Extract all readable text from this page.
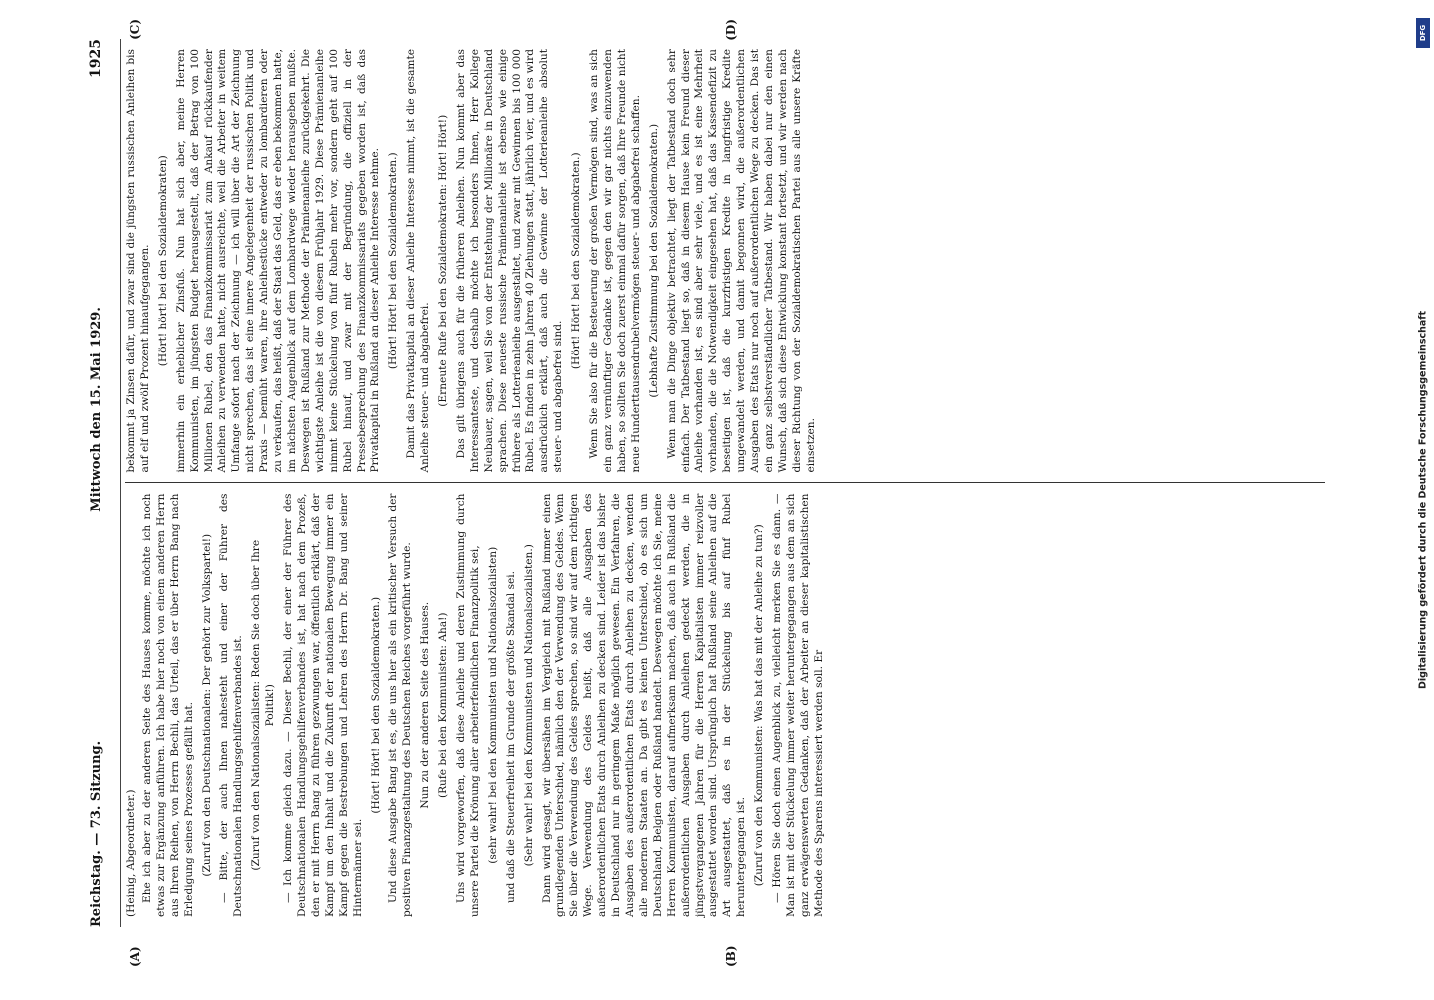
Reichstag. — 73. Sitzung.
Mittwoch den 15. Mai 1929.
1925
(A)	(B)
(C)	(D)

(Heinig, Abgeordneter.) Ehe ich aber zu der anderen Seite des Hauses komme, möchte ich noch etwas zur Ergänzung anführen. Ich habe hier noch von einem anderen Herrn aus Ihren Reihen, von Herrn Bechli, das Urteil, das er über Herrn Bang nach Erledigung seines Prozesses gefällt hat. (Zuruf von den Deutschnationalen: Der gehört zur Volkspartei!) — Bitte, der auch Ihnen nahesteht und einer der Führer des Deutschnationalen Handlungsgehilfenverbandes ist. (Zuruf von den Nationalsozialisten: Reden Sie doch über Ihre Politik!) — Ich komme gleich dazu. — Dieser Bechli, der einer der Führer des Deutschnationalen Handlungsgehilfenverbandes ist, hat nach dem Prozeß, den er mit Herrn Bang zu führen gezwungen war, öffentlich erklärt, daß der Kampf um den Inhalt und die Zukunft der nationalen Bewegung immer ein Kampf gegen die Bestrebungen und Lehren des Herrn Dr. Bang und seiner Hintermänner sei.

(Hört! Hört! bei den Sozialdemokraten.) Und diese Ausgabe Bang ist es, die uns hier als ein kritischer Versuch der positiven Finanzgestaltung des Deutschen Reiches vorgeführt wurde. Nun zu der anderen Seite des Hauses. (Rufe bei den Kommunisten: Aha!) Uns wird vorgeworfen, daß diese Anleihe und deren Zustimmung durch unsere Partei die Krönung aller arbeiterfeindlichen Finanzpolitik sei, (sehr wahr! bei den Kommunisten und Nationalsozialisten) und daß die Steuerfreiheit im Grunde der größte Skandal sei. (Sehr wahr! bei den Kommunisten und Nationalsozialisten.) Dann wird gesagt, wir übersähen im Vergleich mit Rußland immer einen grundlegenden Unterschied, nämlich den der Verwendung des Geldes. Wenn Sie über die Verwendung des Geldes sprechen, so sind wir auf dem richtigen Wege. Verwendung des Geldes heißt, daß alle Ausgaben des außerordentlichen Etats durch Anleihen zu decken sind. Leider ist das bisher in Deutschland nur in geringem Maße möglich gewesen. Ein Verfahren, die Ausgaben des außerordentlichen Etats durch Anleihen zu decken, wenden alle modernen Staaten an. Da gibt es keinen Unterschied, ob es sich um Deutschland, Belgien oder Rußland handelt. Deswegen möchte ich Sie, meine Herren Kommunisten, darauf aufmerksam machen, daß auch in Rußland die außerordentlichen Ausgaben durch Anleihen gedeckt werden, die in jüngstvergangenen Jahren für die Herren Kapitalisten immer reizvoller ausgestattet worden sind. Ursprünglich hat Rußland seine Anleihen auf die Art ausgestattet, daß es in der Stückelung bis auf fünf Rubel heruntergegangen ist. (Zuruf von den Kommunisten: Was hat das mit der Anleihe zu tun?) — Hören Sie doch einen Augenblick zu, vielleicht merken Sie es dann. — Man ist mit der Stückelung immer weiter heruntergegangen aus dem an sich ganz erwägenswerten Gedanken, daß der Arbeiter an dieser kapitalistischen Methode des Sparens interessiert werden soll. Er

bekommt ja Zinsen dafür, und zwar sind die jüngsten russischen Anleihen bis auf elf und zwölf Prozent hinaufgegangen. (Hört! hört! bei den Sozialdemokraten) immerhin ein erheblicher Zinsfuß. Nun hat sich aber, meine Herren Kommunisten, im jüngsten Budget herausgestellt, daß der Betrag von 100 Millionen Rubel, den das Finanzkommissariat zum Ankauf rückkaufender Anleihen zu verwenden hatte, nicht ausreichte, weil die Arbeiter in weitem Umfange sofort nach der Zeichnung — ich will über die Art der Zeichnung nicht sprechen, das ist eine innere Angelegenheit der russischen Politik und Praxis — bemüht waren, ihre Anleihestücke entweder zu lombardieren oder zu verkaufen, das heißt, daß der Staat das Geld, das er eben bekommen hatte, im nächsten Augenblick auf dem Lombardwege wieder herausgeben mußte. Deswegen ist Rußland zur Methode der Prämienanleihe zurückgekehrt. Die wichtigste Anleihe ist die von diesem Frühjahr 1929. Diese Prämienanleihe nimmt keine Stückelung von fünf Rubeln mehr vor, sondern geht auf 100 Rubel hinauf, und zwar mit der Begründung, die offiziell in der Pressebesprechung des Finanzkommissariats gegeben worden ist, daß das Privatkapital in Rußland an dieser Anleihe Interesse nehme. (Hört! Hört! bei den Sozialdemokraten.) Damit das Privatkapital an dieser Anleihe Interesse nimmt, ist die gesamte Anleihe steuer- und abgabefrei. (Erneute Rufe bei den Sozialdemokraten: Hört! Hört!) Das gilt übrigens auch für die früheren Anleihen. Nun kommt aber das Interessanteste, und deshalb möchte ich besonders Ihnen, Herr Kollege Neubauer, sagen, weil Sie von der Entstehung der Millionäre in Deutschland sprachen. Diese neueste russische Prämienanleihe ist ebenso wie einige frühere als Lotterieanleihe ausgestaltet, und zwar mit Gewinnen bis 100 000 Rubel. Es finden in zehn Jahren 40 Ziehungen statt, jährlich vier, und es wird ausdrücklich erklärt, daß auch die Gewinne der Lotterieanleihe absolut steuer- und abgabefrei sind.

(Hört! Hört! bei den Sozialdemokraten.) Wenn Sie also für die Besteuerung der großen Vermögen sind, was an sich ein ganz vernünftiger Gedanke ist, gegen den wir gar nichts einzuwenden haben, so sollten Sie doch zuerst einmal dafür sorgen, daß Ihre Freunde nicht neue Hunderttausendrubelvermögen steuer- und abgabefrei schaffen. (Lebhafte Zustimmung bei den Sozialdemokraten.) Wenn man die Dinge objektiv betrachtet, liegt der Tatbestand doch sehr einfach. Der Tatbestand liegt so, daß in diesem Hause kein Freund dieser Anleihe vorhanden ist, es sind aber sehr viele, und es ist eine Mehrheit vorhanden, die die Notwendigkeit eingesehen hat, daß das Kassendefizit zu beseitigen ist, daß die kurzfristigen Kredite in langfristige Kredite umgewandelt werden, und damit begonnen wird, die außerordentlichen Ausgaben des Etats nur noch auf außerordentlichen Wege zu decken. Das ist ein ganz selbstverständlicher Tatbestand. Wir haben dabei nur den einen Wunsch, daß sich diese Entwicklung konstant fortsetzt, und wir werden nach dieser Richtung von der Sozialdemokratischen Partei aus alle unsere Kräfte einsetzen.

DFG
Digitalisierung gefördert durch die Deutsche Forschungsgemeinschaft
